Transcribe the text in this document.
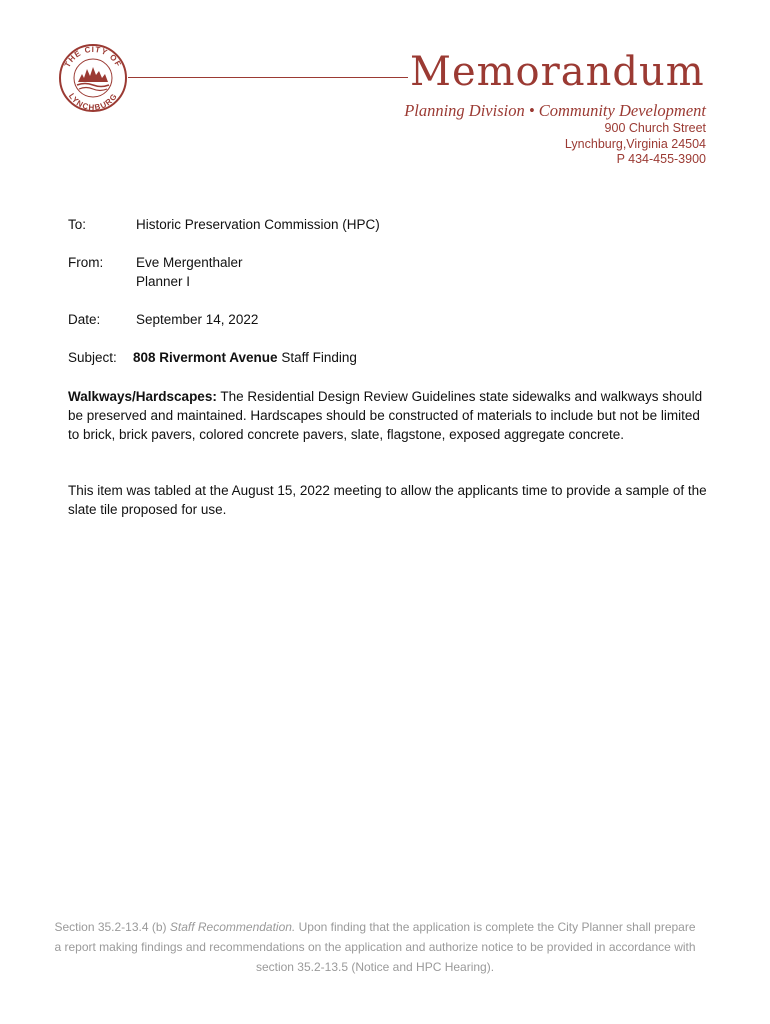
THE CITY OF
LYNCHBURG
Memorandum
Planning Division • Community Development
900 Church Street
Lynchburg,Virginia 24504
P 434-455-3900
To:	Historic Preservation Commission (HPC)
From: Eve Mergenthaler
Planner I
Date:	September 14, 2022
Subject: 808 Rivermont Avenue Staff Finding
Walkways/Hardscapes: The Residential Design Review Guidelines state sidewalks and walkways should be preserved and maintained. Hardscapes should be constructed of materials to include but not be limited to brick, brick pavers, colored concrete pavers, slate, flagstone, exposed aggregate concrete.
This item was tabled at the August 15, 2022 meeting to allow the applicants time to provide a sample of the slate tile proposed for use.
Section 35.2-13.4 (b) Staff Recommendation. Upon finding that the application is complete the City Planner shall prepare a report making findings and recommendations on the application and authorize notice to be provided in accordance with section 35.2-13.5 (Notice and HPC Hearing).
